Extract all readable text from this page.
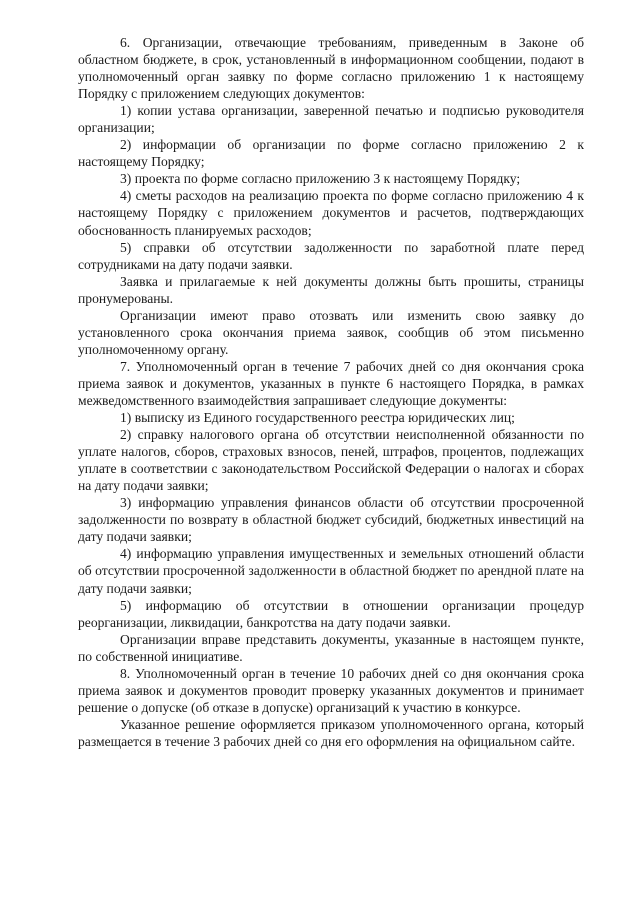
6. Организации, отвечающие требованиям, приведенным в Законе об областном бюджете, в срок, установленный в информационном сообщении, подают в уполномоченный орган заявку по форме согласно приложению 1 к настоящему Порядку с приложением следующих документов:

1) копии устава организации, заверенной печатью и подписью руководителя организации;

2) информации об организации по форме согласно приложению 2 к настоящему Порядку;

3) проекта по форме согласно приложению 3 к настоящему Порядку;

4) сметы расходов на реализацию проекта по форме согласно приложению 4 к настоящему Порядку с приложением документов и расчетов, подтверждающих обоснованность планируемых расходов;

5) справки об отсутствии задолженности по заработной плате перед сотрудниками на дату подачи заявки.

Заявка и прилагаемые к ней документы должны быть прошиты, страницы пронумерованы.

Организации имеют право отозвать или изменить свою заявку до установленного срока окончания приема заявок, сообщив об этом письменно уполномоченному органу.

7. Уполномоченный орган в течение 7 рабочих дней со дня окончания срока приема заявок и документов, указанных в пункте 6 настоящего Порядка, в рамках межведомственного взаимодействия запрашивает следующие документы:

1) выписку из Единого государственного реестра юридических лиц;

2) справку налогового органа об отсутствии неисполненной обязанности по уплате налогов, сборов, страховых взносов, пеней, штрафов, процентов, подлежащих уплате в соответствии с законодательством Российской Федерации о налогах и сборах на дату подачи заявки;

3) информацию управления финансов области об отсутствии просроченной задолженности по возврату в областной бюджет субсидий, бюджетных инвестиций на дату подачи заявки;

4) информацию управления имущественных и земельных отношений области об отсутствии просроченной задолженности в областной бюджет по арендной плате на дату подачи заявки;

5) информацию об отсутствии в отношении организации процедур реорганизации, ликвидации, банкротства на дату подачи заявки.

Организации вправе представить документы, указанные в настоящем пункте, по собственной инициативе.

8. Уполномоченный орган в течение 10 рабочих дней со дня окончания срока приема заявок и документов проводит проверку указанных документов и принимает решение о допуске (об отказе в допуске) организаций к участию в конкурсе.

Указанное решение оформляется приказом уполномоченного органа, который размещается в течение 3 рабочих дней со дня его оформления на официальном сайте.
